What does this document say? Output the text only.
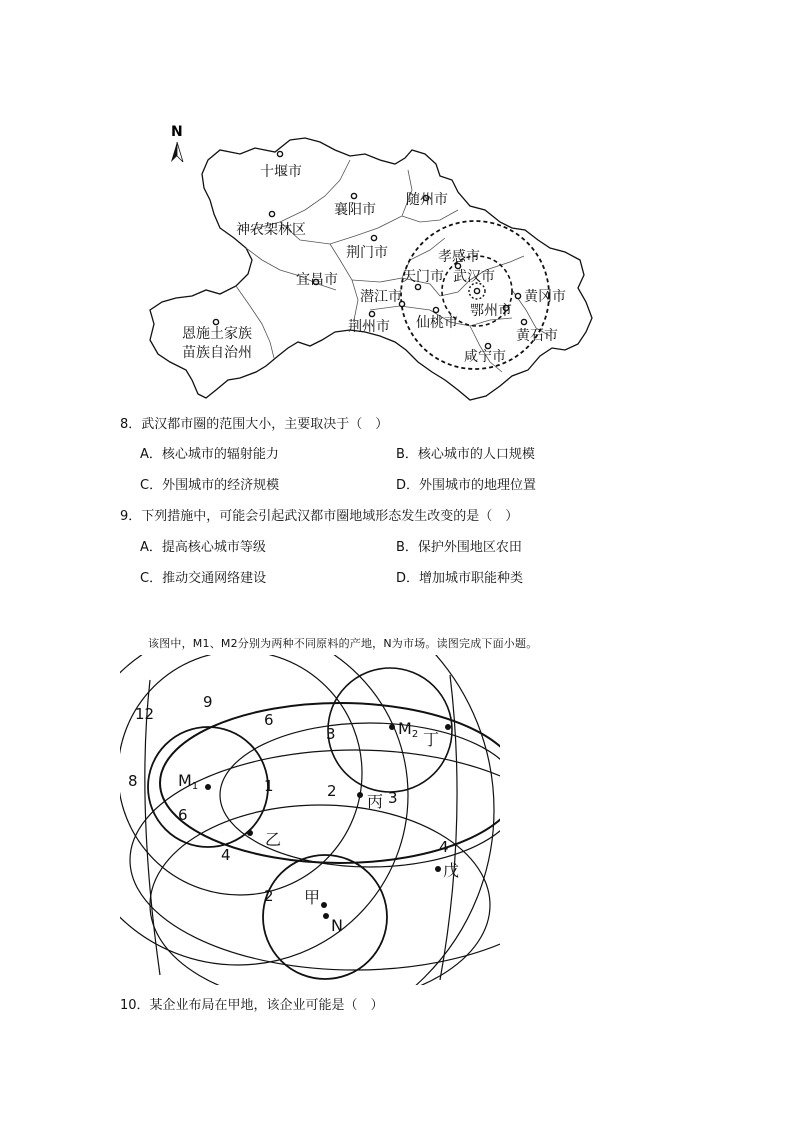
N
十堰市
襄阳市
随州市
神农架林区
荆门市	孝感市
宜昌市	天门市 武汉市
黄冈市
潜江市
鄂州市
荆州市 仙桃市
黄石市
恩施土家族
苗族自治州	咸宁市
8．武汉都市圈的范围大小，主要取决于（　）
A．核心城市的辐射能力	B．核心城市的人口规模
C．外围城市的经济规模	D．外围城市的地理位置
9．下列措施中，可能会引起武汉都市圈地域形态发生改变的是（　）
A．提高核心城市等级	B．保护外围地区农田
C．推动交通网络建设	D．增加城市职能种类
该图中，M1、M2分别为两种不同原料的产地，N为市场。读图完成下面小题。
12
9
6
3
8	1	2	3
6
4	4
2
M1
M2 丁
丙
乙
戊
甲
N
10．某企业布局在甲地，该企业可能是（　）
